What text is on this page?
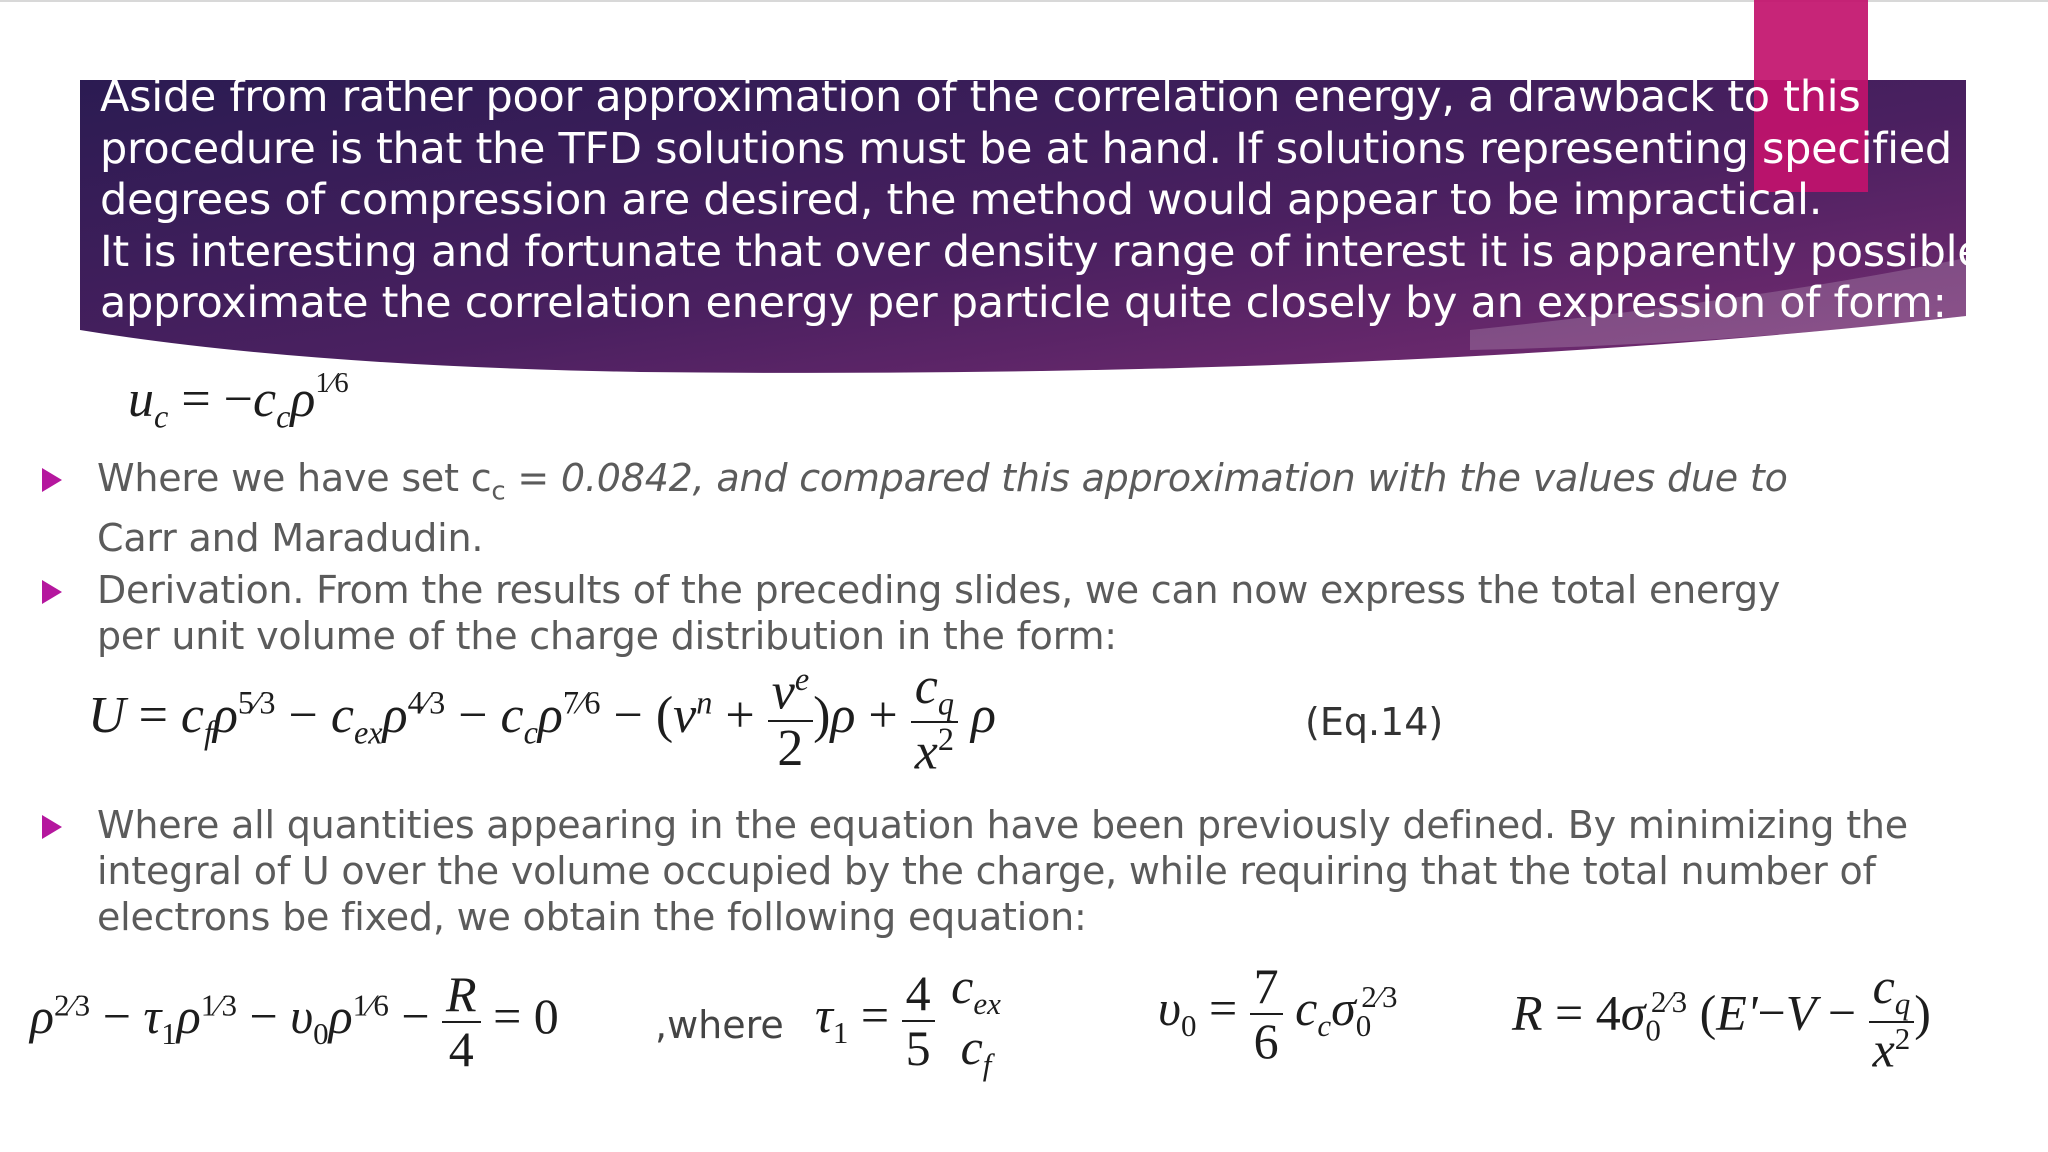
Aside from rather poor approximation of the correlation energy, a drawback to this
procedure is that the TFD solutions must be at hand. If solutions representing specified
degrees of compression are desired, the method would appear to be impractical.
It is interesting and fortunate that over density range of interest it is apparently possible to
approximate the correlation energy per particle quite closely by an expression of form:
$u_c = -c_c\rho^{1⁄6}$
Where we have set $c_c = 0.0842$, and compared this approximation with the values due to
Carr and Maradudin.
Derivation. From the results of the preceding slides, we can now express the total energy
per unit volume of the charge distribution in the form:
$U = c_f\rho^{5⁄3} - c_{ex}\rho^{4⁄3} - c_c\rho^{7⁄6} - (v^n + \frac{v^e}{2} )\rho + \frac{c_q}{x^2}$ ρ	(Eq.14)
Where all quantities appearing in the equation have been previously defined. By minimizing the
integral of U over the volume occupied by the charge, while requiring that the total number of
electrons be fixed, we obtain the following equation:
$\rho^{2⁄3} - \tau_1\rho^{1⁄3} - \upsilon_0\rho^{1⁄6} - \frac{R}{4} = 0$	,where $\tau_1 = \frac{4}{5}$
$c_{ex}$
$c_f$
$\upsilon_0 = \frac{7}{6} c_c\sigma_0^{2⁄3}$ $R = 4\sigma_0^{2⁄3}$ ($E'-V - \frac{c_q}{x^2}$ )
